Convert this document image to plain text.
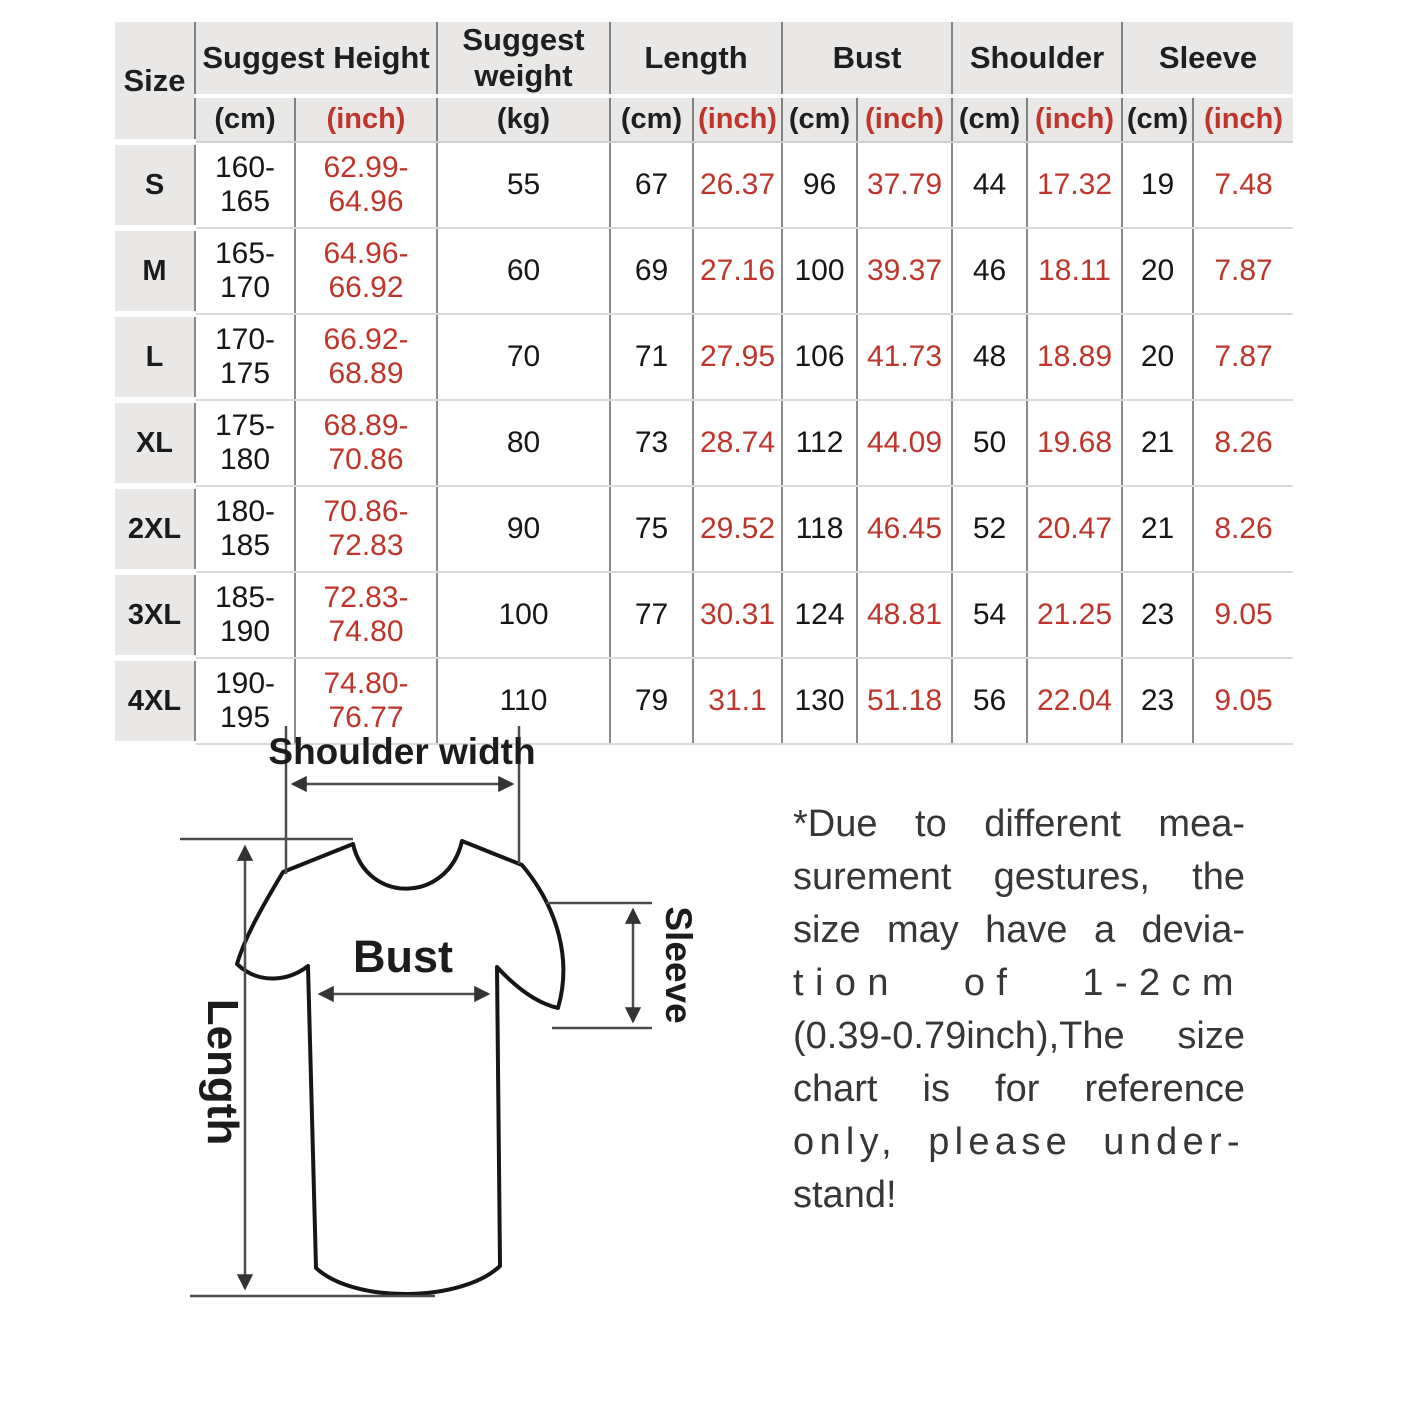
Size	Suggest Height		Suggest weight	Length		Bust		Shoulder		Sleeve	
	(cm)	(inch)	(kg)	(cm)	(inch)	(cm)	(inch)	(cm)	(inch)	(cm)	(inch)
S	160-165	62.99-64.96	55	67	26.37	96	37.79	44	17.32	19	7.48
M	165-170	64.96-66.92	60	69	27.16	100	39.37	46	18.11	20	7.87
L	170-175	66.92-68.89	70	71	27.95	106	41.73	48	18.89	20	7.87
XL	175-180	68.89-70.86	80	73	28.74	112	44.09	50	19.68	21	8.26
2XL	180-185	70.86-72.83	90	75	29.52	118	46.45	52	20.47	21	8.26
3XL	185-190	72.83-74.80	100	77	30.31	124	48.81	54	21.25	23	9.05
4XL	190-195	74.80-76.77	110	79	31.1	130	51.18	56	22.04	23	9.05
Shoulder width
Length
Bust	Sleeve
*Due to different mea-
surement gestures, the
size may have a devia-
tion of 1-2cm
(0.39-0.79inch),The size
chart is for reference
only, please under-
stand!
